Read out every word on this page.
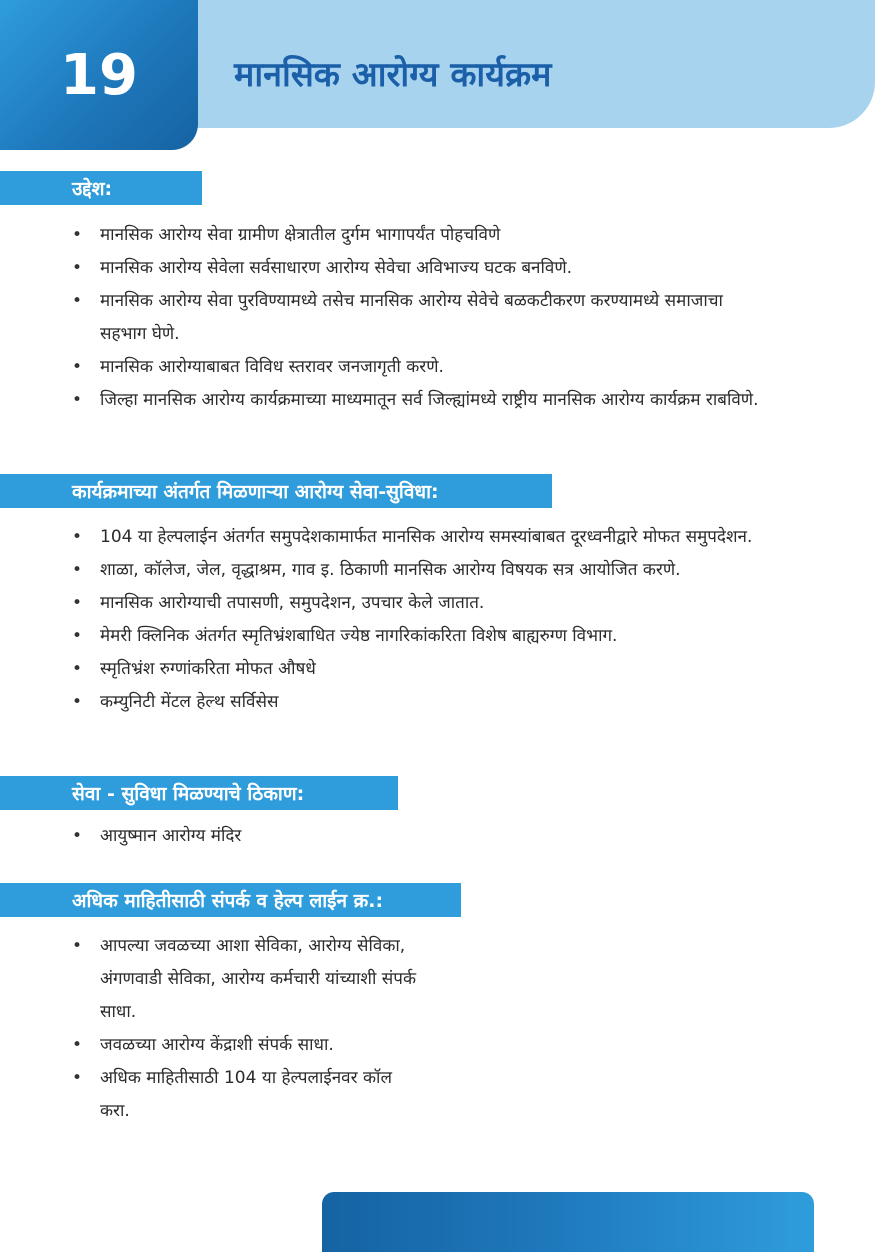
19	मानसिक आरोग्य कार्यक्रम
उद्देश:
• मानसिक आरोग्य सेवा ग्रामीण क्षेत्रातील दुर्गम भागापर्यंत पोहचविणे
• मानसिक आरोग्य सेवेला सर्वसाधारण आरोग्य सेवेचा अविभाज्य घटक बनविणे.
• मानसिक आरोग्य सेवा पुरविण्यामध्ये तसेच मानसिक आरोग्य सेवेचे बळकटीकरण करण्यामध्ये समाजाचा सहभाग घेणे.
• मानसिक आरोग्याबाबत विविध स्तरावर जनजागृती करणे.
• जिल्हा मानसिक आरोग्य कार्यक्रमाच्या माध्यमातून सर्व जिल्ह्यांमध्ये राष्ट्रीय मानसिक आरोग्य कार्यक्रम राबविणे.
कार्यक्रमाच्या अंतर्गत मिळणाऱ्या आरोग्य सेवा-सुविधा:
• 104 या हेल्पलाईन अंतर्गत समुपदेशकामार्फत मानसिक आरोग्य समस्यांबाबत दूरध्वनीद्वारे मोफत समुपदेशन.
• शाळा, कॉलेज, जेल, वृद्धाश्रम, गाव इ. ठिकाणी मानसिक आरोग्य विषयक सत्र आयोजित करणे.
• मानसिक आरोग्याची तपासणी, समुपदेशन, उपचार केले जातात.
• मेमरी क्लिनिक अंतर्गत स्मृतिभ्रंशबाधित ज्येष्ठ नागरिकांकरिता विशेष बाह्यरुग्ण विभाग.
• स्मृतिभ्रंश रुग्णांकरिता मोफत औषधे
• कम्युनिटी मेंटल हेल्थ सर्विसेस
सेवा - सुविधा मिळण्याचे ठिकाण:
• आयुष्मान आरोग्य मंदिर
अधिक माहितीसाठी संपर्क व हेल्प लाईन क्र.:
• आपल्या जवळच्या आशा सेविका, आरोग्य सेविका, अंगणवाडी सेविका, आरोग्य कर्मचारी यांच्याशी संपर्क साधा.
• जवळच्या आरोग्य केंद्राशी संपर्क साधा.
• अधिक माहितीसाठी 104 या हेल्पलाईनवर कॉल करा.
